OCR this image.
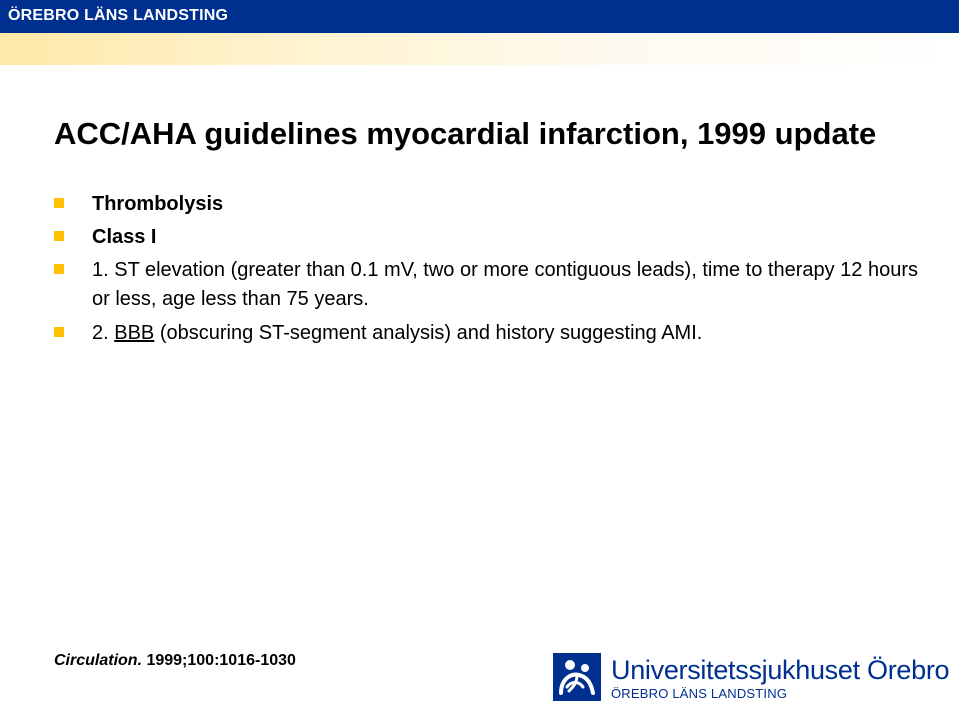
ÖREBRO LÄNS LANDSTING
ACC/AHA guidelines myocardial infarction, 1999 update
Thrombolysis
Class I
1. ST elevation (greater than 0.1 mV, two or more contiguous leads), time to therapy 12 hours or less, age less than 75 years.
2. BBB (obscuring ST-segment analysis) and history suggesting AMI.
Circulation. 1999;100:1016-1030	Universitetssjukhuset Örebro
ÖREBRO LÄNS LANDSTING
